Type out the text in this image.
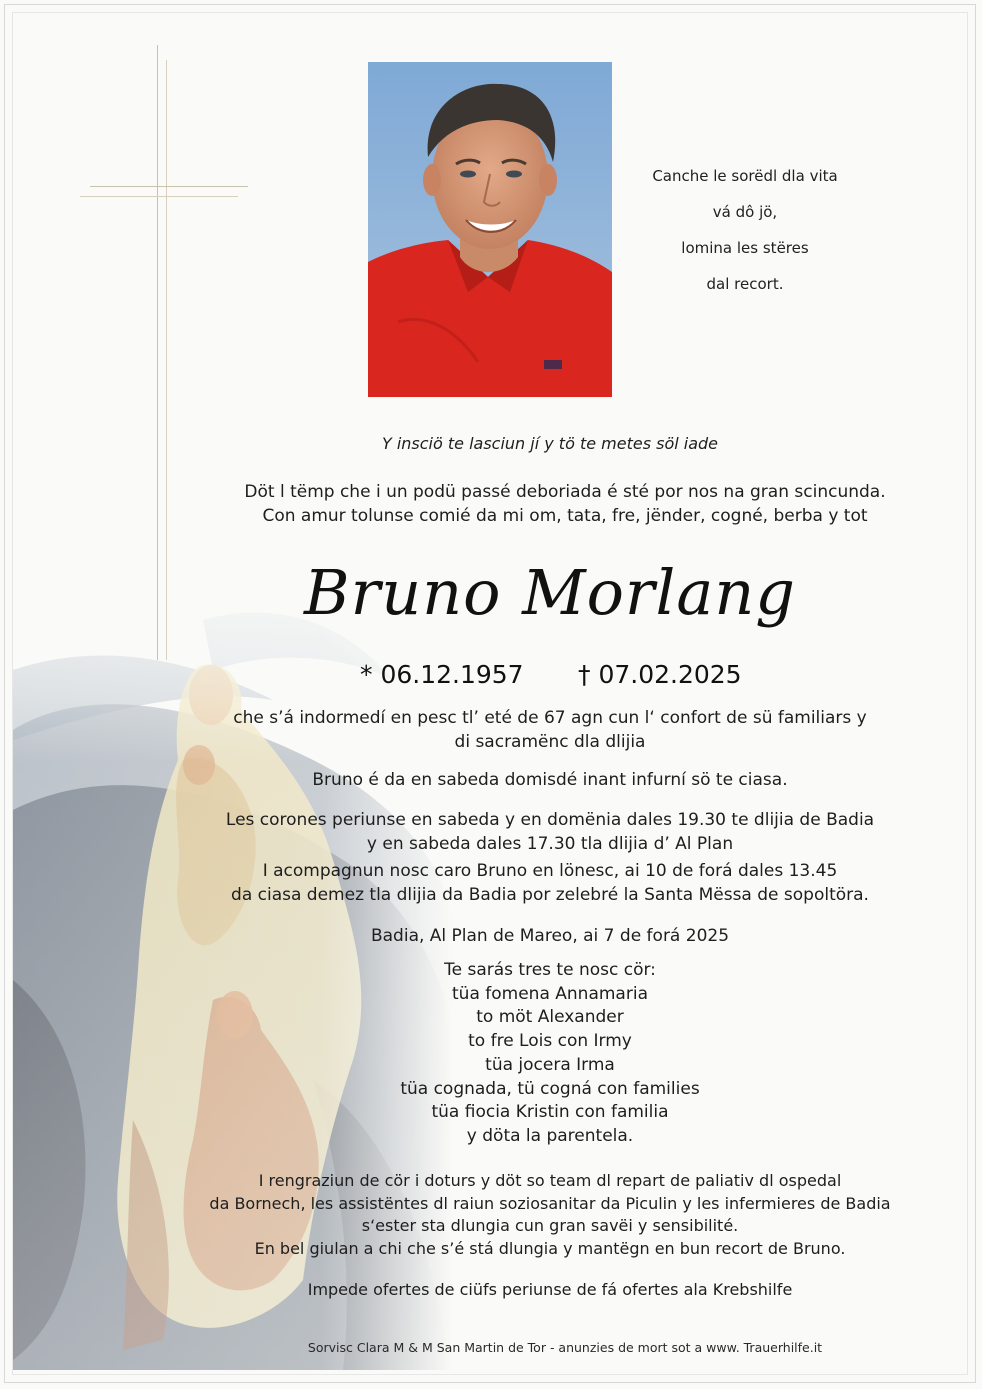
Canche le sorëdl dla vita
vá dô jö,
lomina les stëres
dal recort.
Y insciö te lasciun jí y tö te metes söl iade
Döt l tëmp che i un podü passé deboriada é sté por nos na gran scincunda.
Con amur tolunse comié da mi om, tata, fre, jënder, cogné, berba y tot
Bruno Morlang
* 06.12.1957 † 07.02.2025
che s’á indormedí en pesc tl’ eté de 67 agn cun l‘ confort de sü familiars y
di sacramënc dla dlijia
Bruno é da en sabeda domisdé inant infurní sö te ciasa.
Les corones periunse en sabeda y en domënia dales 19.30 te dlijia de Badia
y en sabeda dales 17.30 tla dlijia d’ Al Plan
I acompagnun nosc caro Bruno en lönesc, ai 10 de forá dales 13.45
da ciasa demez tla dlijia da Badia por zelebré la Santa Mëssa de sopoltöra.
Badia, Al Plan de Mareo, ai 7 de forá 2025
Te sarás tres te nosc cör:
tüa fomena Annamaria
to möt Alexander
to fre Lois con Irmy
tüa jocera Irma
tüa cognada, tü cogná con families
tüa fiocia Kristin con familia
y döta la parentela.
I rengraziun de cör i doturs y döt so team dl repart de paliativ dl ospedal
da Bornech, les assistëntes dl raiun soziosanitar da Piculin y les infermieres de Badia
s‘ester sta dlungia cun gran savëi y sensibilité.
En bel giulan a chi che s’é stá dlungia y mantëgn en bun recort de Bruno.
Impede ofertes de ciüfs periunse de fá ofertes ala Krebshilfe
Sorvisc Clara M & M San Martin de Tor - anunzies de mort sot a www. Trauerhilfe.it
